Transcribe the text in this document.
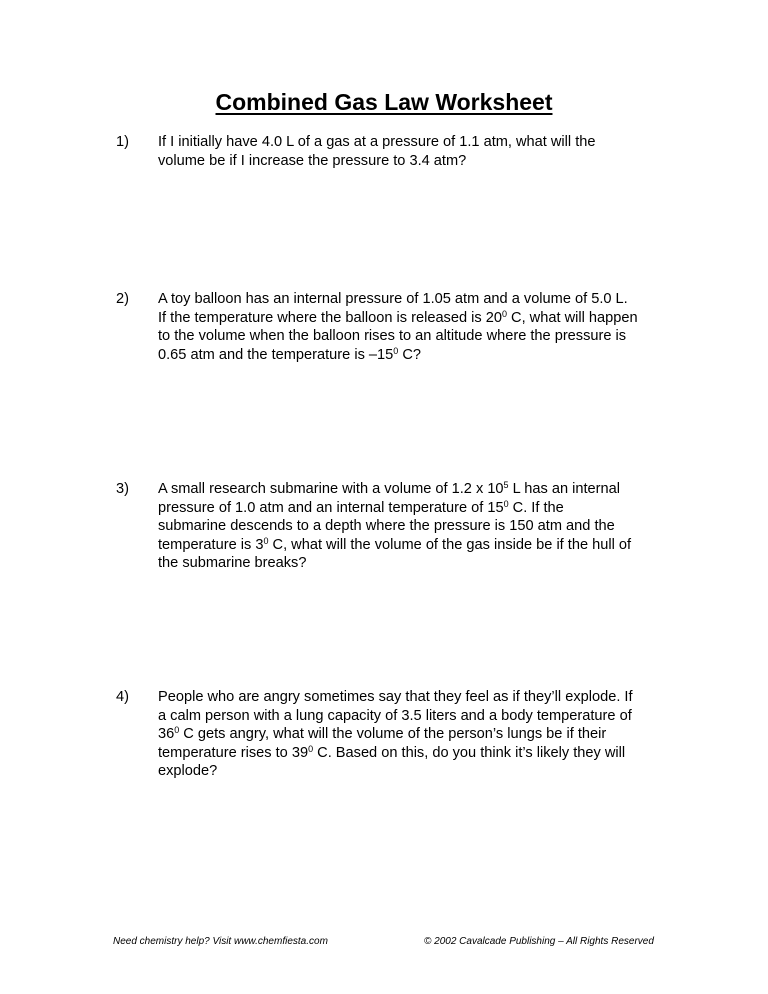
Combined Gas Law Worksheet
1) If I initially have 4.0 L of a gas at a pressure of 1.1 atm, what will the
volume be if I increase the pressure to 3.4 atm?
2) A toy balloon has an internal pressure of 1.05 atm and a volume of 5.0 L.
If the temperature where the balloon is released is $20^0$ C, what will happen
to the volume when the balloon rises to an altitude where the pressure is
0.65 atm and the temperature is $-15^0$ C?
3) A small research submarine with a volume of 1.2 x $10^5$ L has an internal
pressure of 1.0 atm and an internal temperature of $15^0$ C. If the
submarine descends to a depth where the pressure is 150 atm and the
temperature is $3^0$ C, what will the volume of the gas inside be if the hull of
the submarine breaks?
4) People who are angry sometimes say that they feel as if they’ll explode. If
a calm person with a lung capacity of 3.5 liters and a body temperature of
$36^0$ C gets angry, what will the volume of the person’s lungs be if their
temperature rises to $39^0$ C. Based on this, do you think it’s likely they will
explode?
Need chemistry help? Visit www.chemfiesta.com	© 2002 Cavalcade Publishing – All Rights Reserved
